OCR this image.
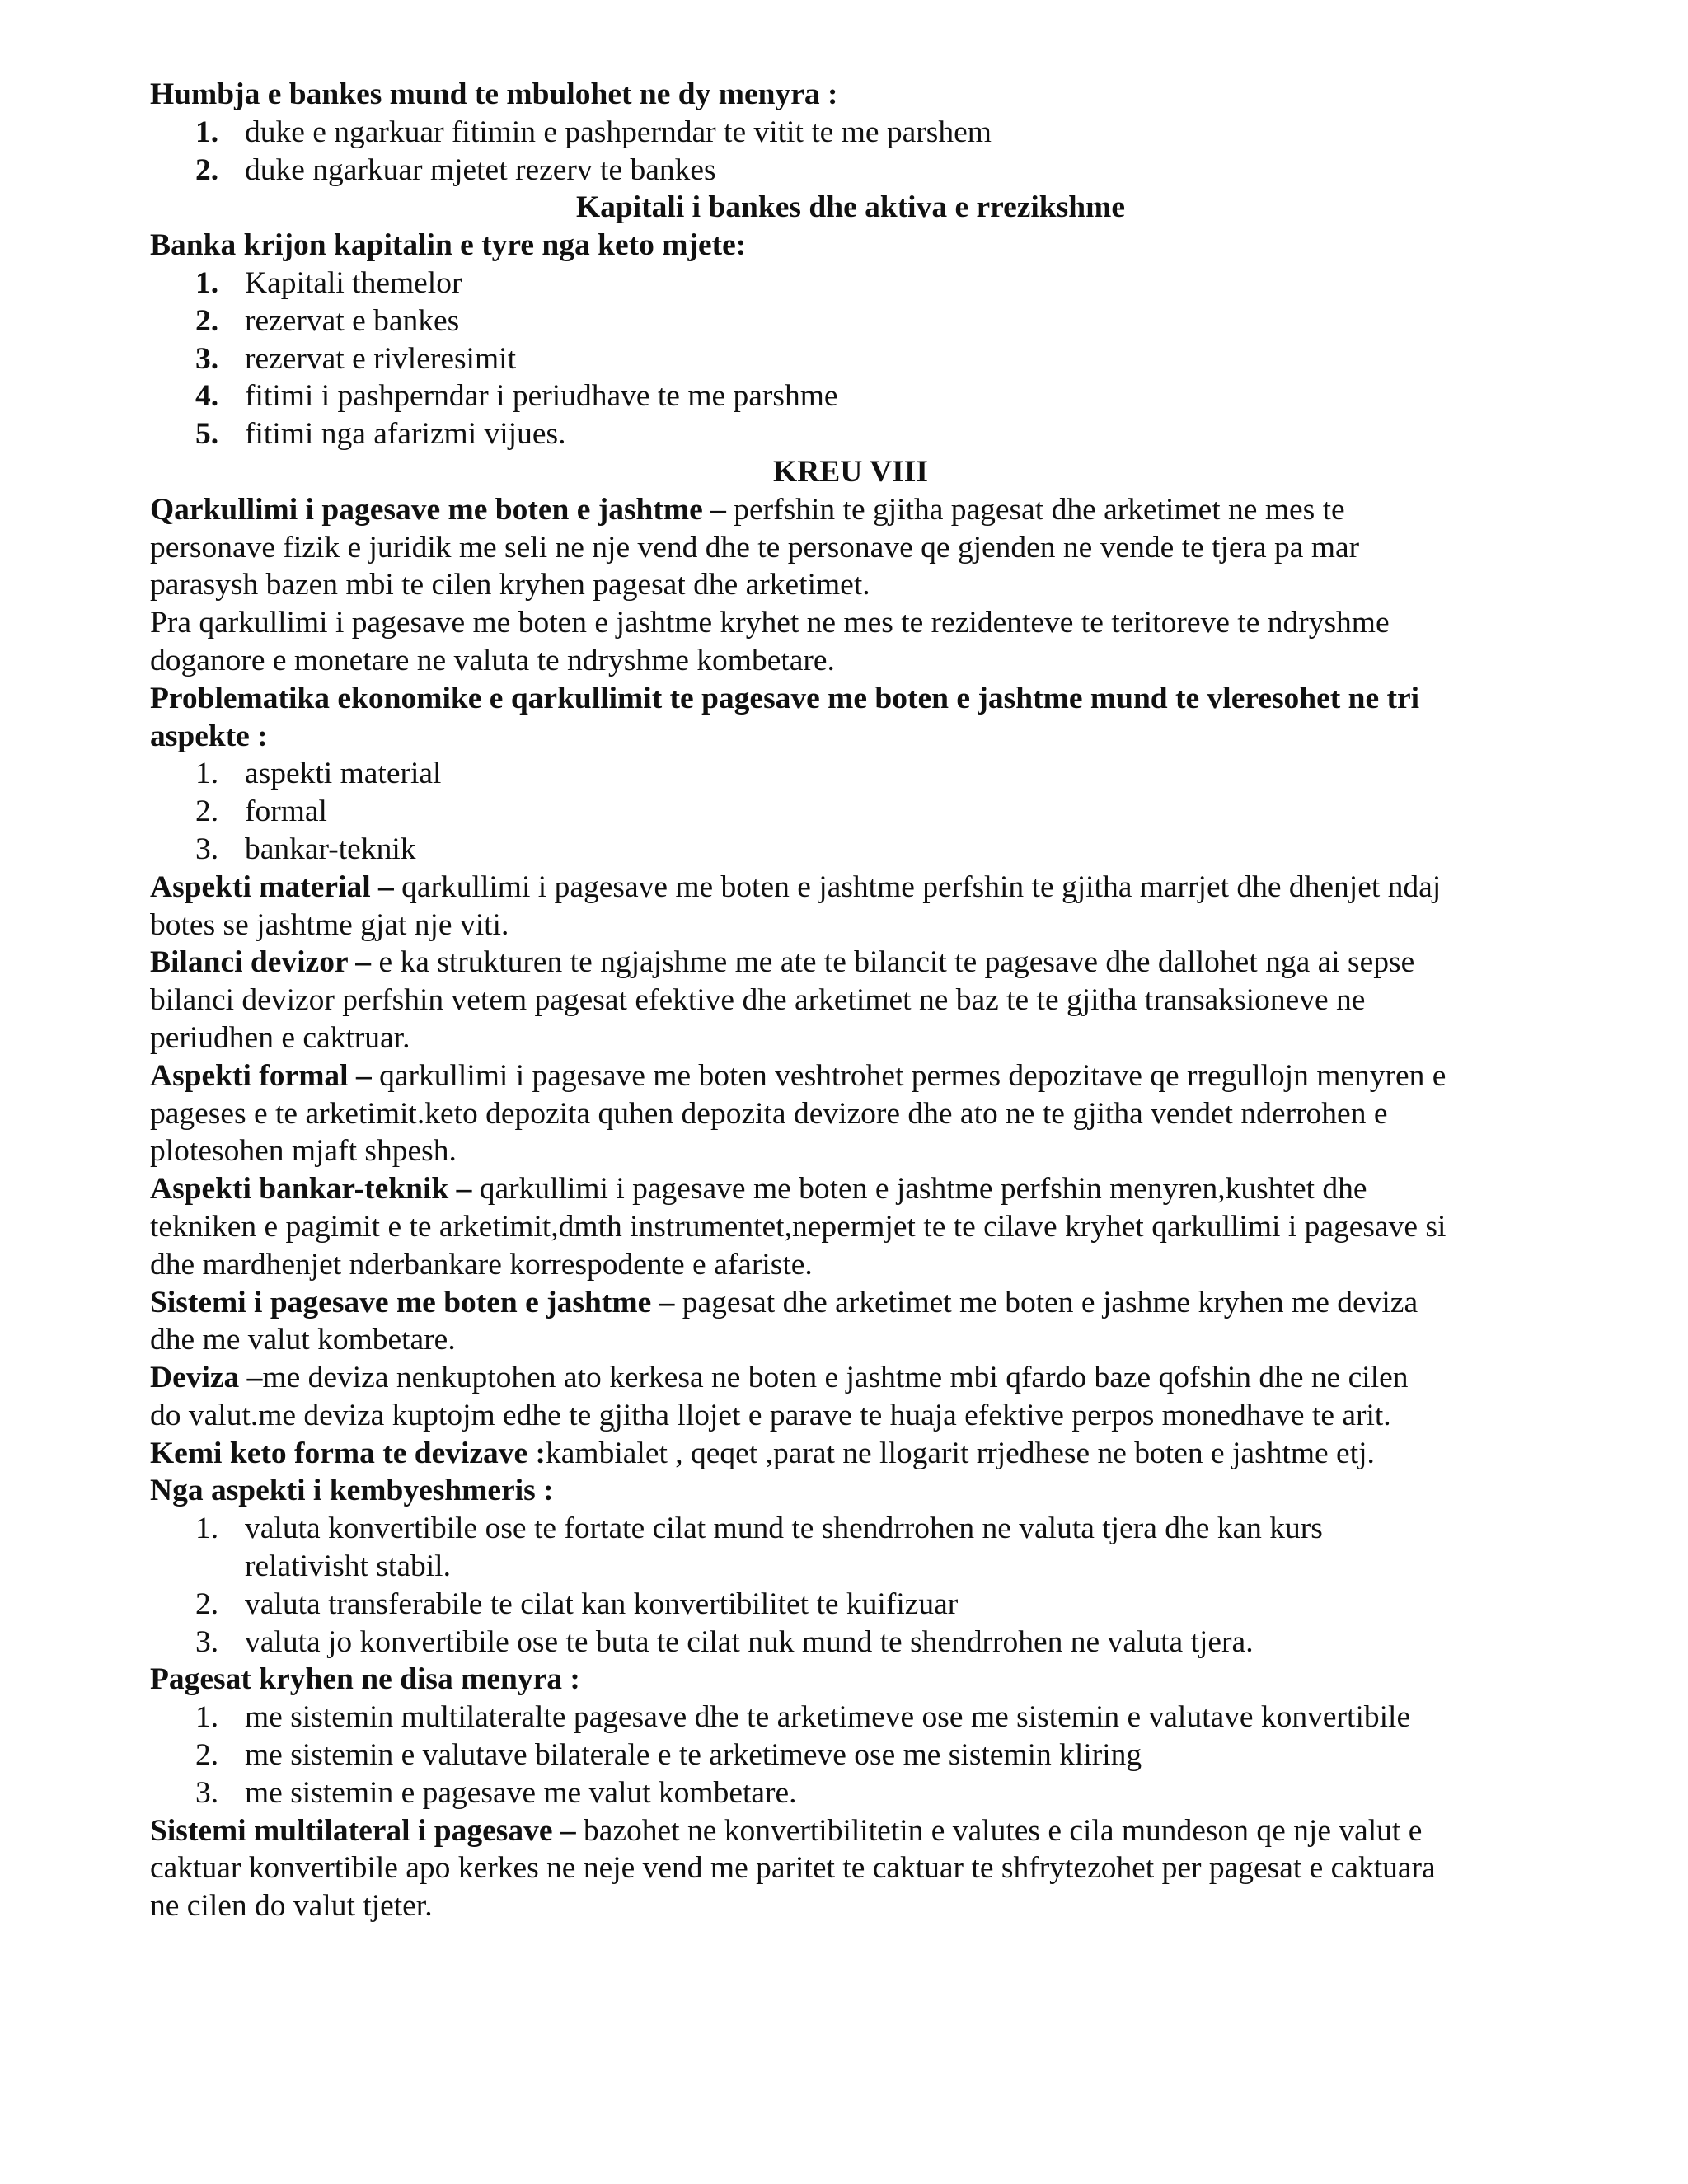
Humbja e bankes mund te mbulohet ne dy menyra :
1. duke e ngarkuar fitimin e pashperndar te vitit te me parshem
2. duke ngarkuar mjetet rezerv te bankes
Kapitali i bankes dhe aktiva e rrezikshme
Banka krijon kapitalin e tyre nga keto mjete:
1. Kapitali themelor
2. rezervat e bankes
3. rezervat e rivleresimit
4. fitimi i pashperndar i periudhave te me parshme
5. fitimi nga afarizmi vijues.
KREU VIII
Qarkullimi i pagesave me boten e jashtme – perfshin te gjitha pagesat dhe arketimet ne mes te
personave fizik e juridik me seli ne nje vend dhe te personave qe gjenden ne vende te tjera pa mar
parasysh bazen mbi te cilen kryhen pagesat dhe arketimet.
Pra qarkullimi i pagesave me boten e jashtme kryhet ne mes te rezidenteve te teritoreve te ndryshme
doganore e monetare ne valuta te ndryshme kombetare.
Problematika ekonomike e qarkullimit te pagesave me boten e jashtme mund te vleresohet ne tri
aspekte :
1. aspekti material
2. formal
3. bankar-teknik
Aspekti material – qarkullimi i pagesave me boten e jashtme perfshin te gjitha marrjet dhe dhenjet ndaj
botes se jashtme gjat nje viti.
Bilanci devizor – e ka strukturen te ngjajshme me ate te bilancit te pagesave dhe dallohet nga ai sepse
bilanci devizor perfshin vetem pagesat efektive dhe arketimet ne baz te te gjitha transaksioneve ne
periudhen e caktruar.
Aspekti formal – qarkullimi i pagesave me boten veshtrohet permes depozitave qe rregullojn menyren e
pageses e te arketimit.keto depozita quhen depozita devizore dhe ato ne te gjitha vendet nderrohen e
plotesohen mjaft shpesh.
Aspekti bankar-teknik – qarkullimi i pagesave me boten e jashtme perfshin menyren,kushtet dhe
tekniken e pagimit e te arketimit,dmth instrumentet,nepermjet te te cilave kryhet qarkullimi i pagesave si
dhe mardhenjet nderbankare korrespodente e afariste.
Sistemi i pagesave me boten e jashtme – pagesat dhe arketimet me boten e jashme kryhen me deviza
dhe me valut kombetare.
Deviza –me deviza nenkuptohen ato kerkesa ne boten e jashtme mbi qfardo baze qofshin dhe ne cilen
do valut.me deviza kuptojm edhe te gjitha llojet e parave te huaja efektive perpos monedhave te arit.
Kemi keto forma te devizave :kambialet , qeqet ,parat ne llogarit rrjedhese ne boten e jashtme etj.
Nga aspekti i kembyeshmeris :
1. valuta konvertibile ose te fortate cilat mund te shendrrohen ne valuta tjera dhe kan kurs
relativisht stabil.
2. valuta transferabile te cilat kan konvertibilitet te kuifizuar
3. valuta jo konvertibile ose te buta te cilat nuk mund te shendrrohen ne valuta tjera.
Pagesat kryhen ne disa menyra :
1. me sistemin multilateralte pagesave dhe te arketimeve ose me sistemin e valutave konvertibile
2. me sistemin e valutave bilaterale e te arketimeve ose me sistemin kliring
3. me sistemin e pagesave me valut kombetare.
Sistemi multilateral i pagesave – bazohet ne konvertibilitetin e valutes e cila mundeson qe nje valut e
caktuar konvertibile apo kerkes ne neje vend me paritet te caktuar te shfrytezohet per pagesat e caktuara
ne cilen do valut tjeter.
